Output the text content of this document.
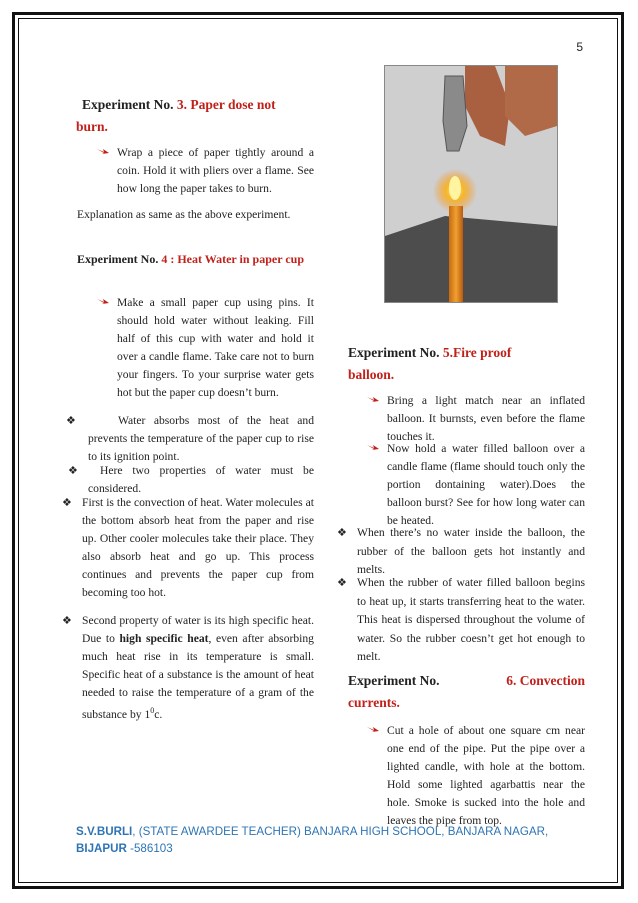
5
Experiment No. 3. Paper dose not
burn.
Wrap a piece of paper tightly around a coin. Hold it with pliers over a flame. See how long the paper takes to burn.
Explanation as same as the above experiment.
Experiment No. 4 : Heat Water in paper cup
Make a small paper cup using pins. It should hold water without leaking. Fill half of this cup with water and hold it over a candle flame. Take care not to burn your fingers. To your surprise water gets hot but the paper cup doesn’t burn.
❖	Water absorbs most of the heat and prevents the temperature of the paper cup to rise to its ignition point.
❖ Here two properties of water must be considered.
❖ First is the convection of heat. Water molecules at the bottom absorb heat from the paper and rise up. Other cooler molecules take their place. They also absorb heat and go up. This process continues and prevents the paper cup from becoming too hot.
❖ Second property of water is its high specific heat. Due to high specific heat, even after absorbing much heat rise in its temperature is small. Specific heat of a substance is the amount of heat needed to raise the temperature of a gram of the substance by $1^0c$.
Experiment No. 5.Fire proof
balloon.
Bring a light match near an inflated balloon. It burnsts, even before the flame touches it.
Now hold a water filled balloon over a candle flame (flame should touch only the portion dontaining water).Does the balloon burst? See for how long water can be heated.
❖ When there’s no water inside the balloon, the rubber of the balloon gets hot instantly and melts.
❖ When the rubber of water filled balloon begins to heat up, it starts transferring heat to the water. This heat is dispersed throughout the volume of water. So the rubber coesn’t get hot enough to melt.
Experiment No.	6. Convection
currents.
Cut a hole of about one square cm near one end of the pipe. Put the pipe over a lighted candle, with hole at the bottom. Hold some lighted agarbattis near the hole. Smoke is sucked into the hole and leaves the pipe from top.
S.V.BURLI, (STATE AWARDEE TEACHER) BANJARA HIGH SCHOOL, BANJARA NAGAR,
BIJAPUR -586103
